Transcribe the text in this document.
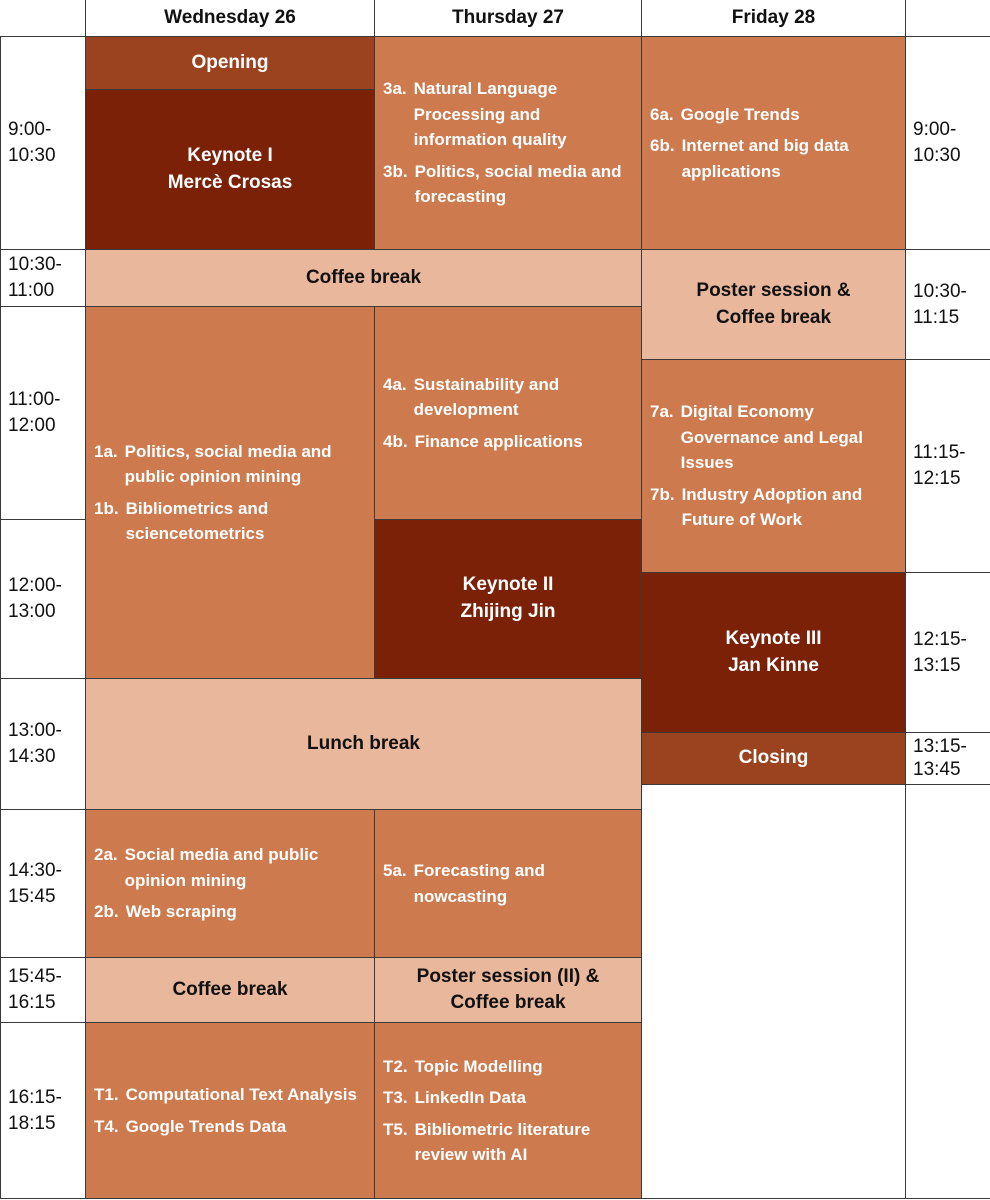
Wednesday 26	Thursday 27	Friday 28
9:00-
10:30
10:30-
11:00
11:00-
12:00
12:00-
13:00
13:00-
14:30
14:30-
15:45
15:45-
16:15
16:15-
18:15
Opening
Keynote I
Mercè Crosas
Coffee break
1a. Politics, social media and public opinion mining
1b. Bibliometrics and sciencetometrics
Lunch break
2a. Social media and public opinion mining
2b. Web scraping
Coffee break
T1. Computational Text Analysis
T4. Google Trends Data
3a. Natural Language Processing and information quality
3b. Politics, social media and forecasting
4a. Sustainability and development
4b. Finance applications
Keynote II
Zhijing Jin
5a. Forecasting and nowcasting
Poster session (II) &
Coffee break
T2. Topic Modelling
T3. LinkedIn Data
T5. Bibliometric literature review with AI
6a. Google Trends
6b. Internet and big data applications
Poster session &
Coffee break
7a. Digital Economy Governance and Legal Issues
7b. Industry Adoption and Future of Work
Keynote III
Jan Kinne
Closing
9:00-
10:30
10:30-
11:15
11:15-
12:15
12:15-
13:15
13:15-
13:45
